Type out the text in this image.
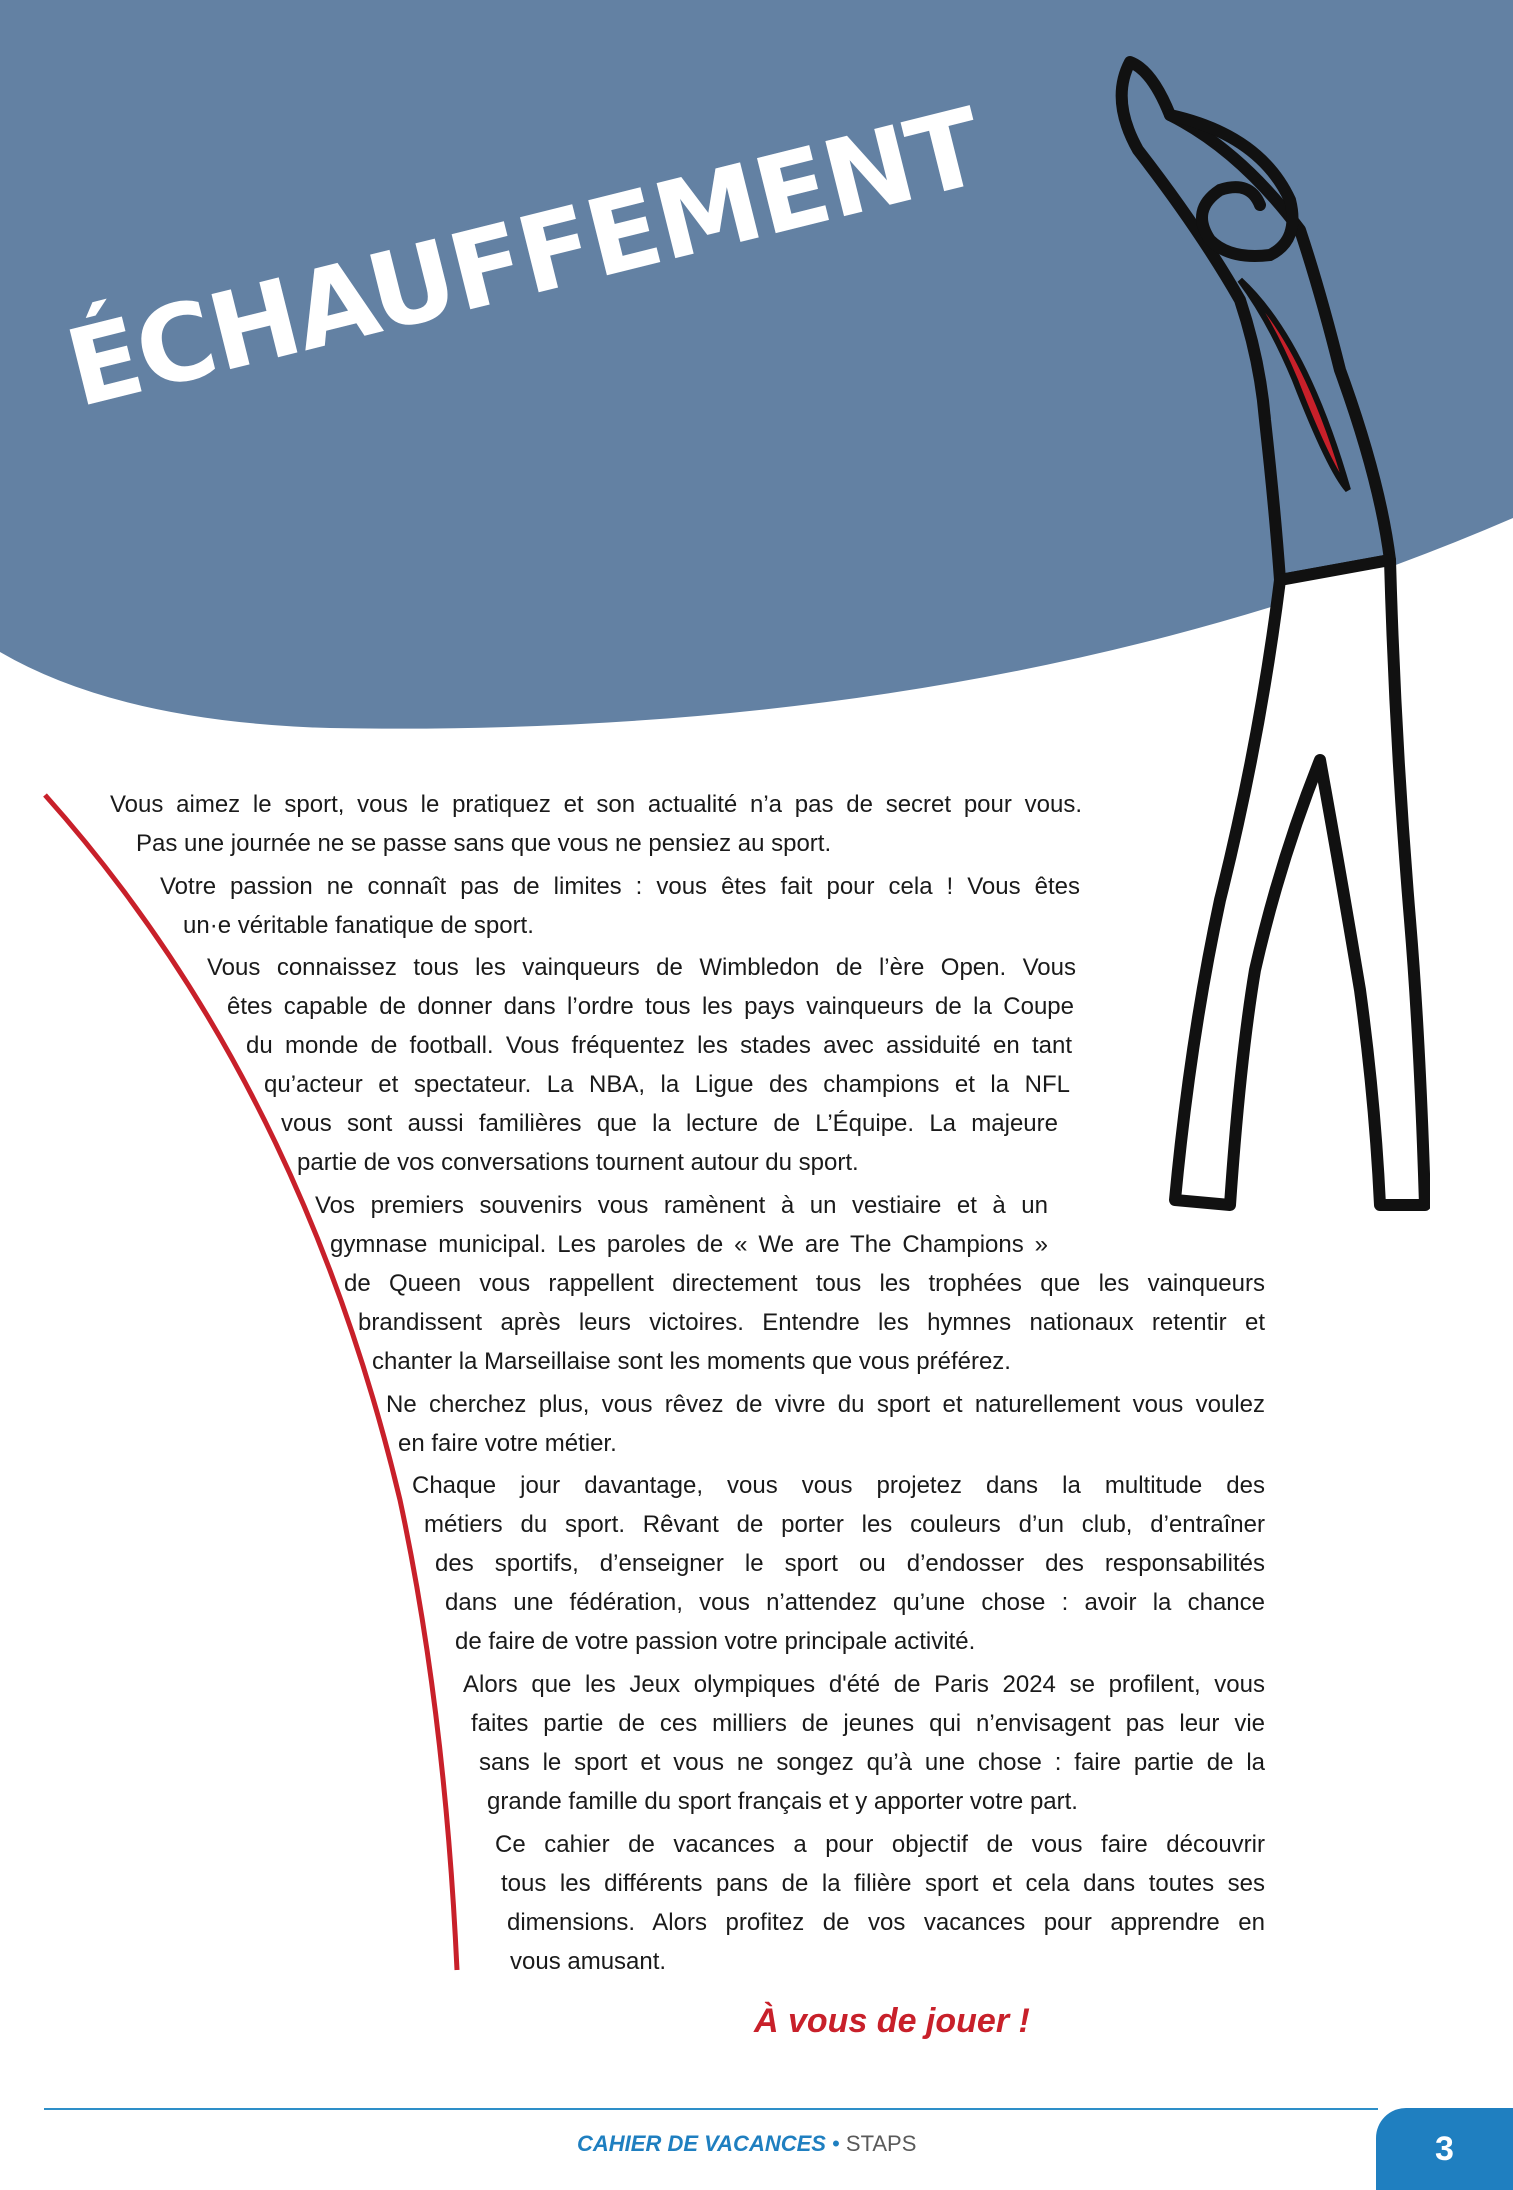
ÉCHAUFFEMENT

Vous aimez le sport, vous le pratiquez et son actualité n’a pas de secret pour vous.

Pas une journée ne se passe sans que vous ne pensiez au sport.

Votre passion ne connaît pas de limites : vous êtes fait pour cela ! Vous êtes

un·e véritable fanatique de sport.

Vous connaissez tous les vainqueurs de Wimbledon de l’ère Open. Vous

êtes capable de donner dans l’ordre tous les pays vainqueurs de la Coupe

du monde de football. Vous fréquentez les stades avec assiduité en tant

qu’acteur et spectateur. La NBA, la Ligue des champions et la NFL

vous sont aussi familières que la lecture de L’Équipe. La majeure

partie de vos conversations tournent autour du sport.

Vos premiers souvenirs vous ramènent à un vestiaire et à un

gymnase municipal. Les paroles de « We are The Champions »

de Queen vous rappellent directement tous les trophées que les vainqueurs

brandissent après leurs victoires. Entendre les hymnes nationaux retentir et

chanter la Marseillaise sont les moments que vous préférez.

Ne cherchez plus, vous rêvez de vivre du sport et naturellement vous voulez

en faire votre métier.

Chaque jour davantage, vous vous projetez dans la multitude des

métiers du sport. Rêvant de porter les couleurs d’un club, d’entraîner

des sportifs, d’enseigner le sport ou d’endosser des responsabilités

dans une fédération, vous n’attendez qu’une chose : avoir la chance

de faire de votre passion votre principale activité.

Alors que les Jeux olympiques d'été de Paris 2024 se profilent, vous

faites partie de ces milliers de jeunes qui n’envisagent pas leur vie

sans le sport et vous ne songez qu’à une chose : faire partie de la

grande famille du sport français et y apporter votre part.

Ce cahier de vacances a pour objectif de vous faire découvrir

tous les différents pans de la filière sport et cela dans toutes ses

dimensions. Alors profitez de vos vacances pour apprendre en

vous amusant.

À vous de jouer !
CAHIER DE VACANCES • STAPS	3
